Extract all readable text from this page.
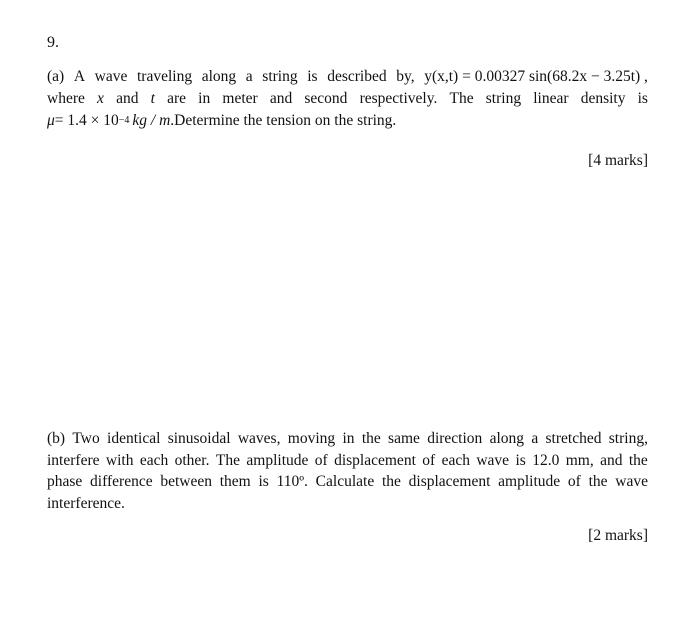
9.
(a) A wave traveling along a string is described by, y(x,t) = 0.00327 sin(68.2x − 3.25t) ,
where x and t are in meter and second respectively. The string linear density is
$\mu = 1.4 \times 10^{-4}$ kg / m .Determine the tension on the string.
[4 marks]
(b) Two identical sinusoidal waves, moving in the same direction along a stretched string,
interfere with each other. The amplitude of displacement of each wave is 12.0 mm, and the
phase difference between them is 110º. Calculate the displacement amplitude of the wave
interference.
[2 marks]
